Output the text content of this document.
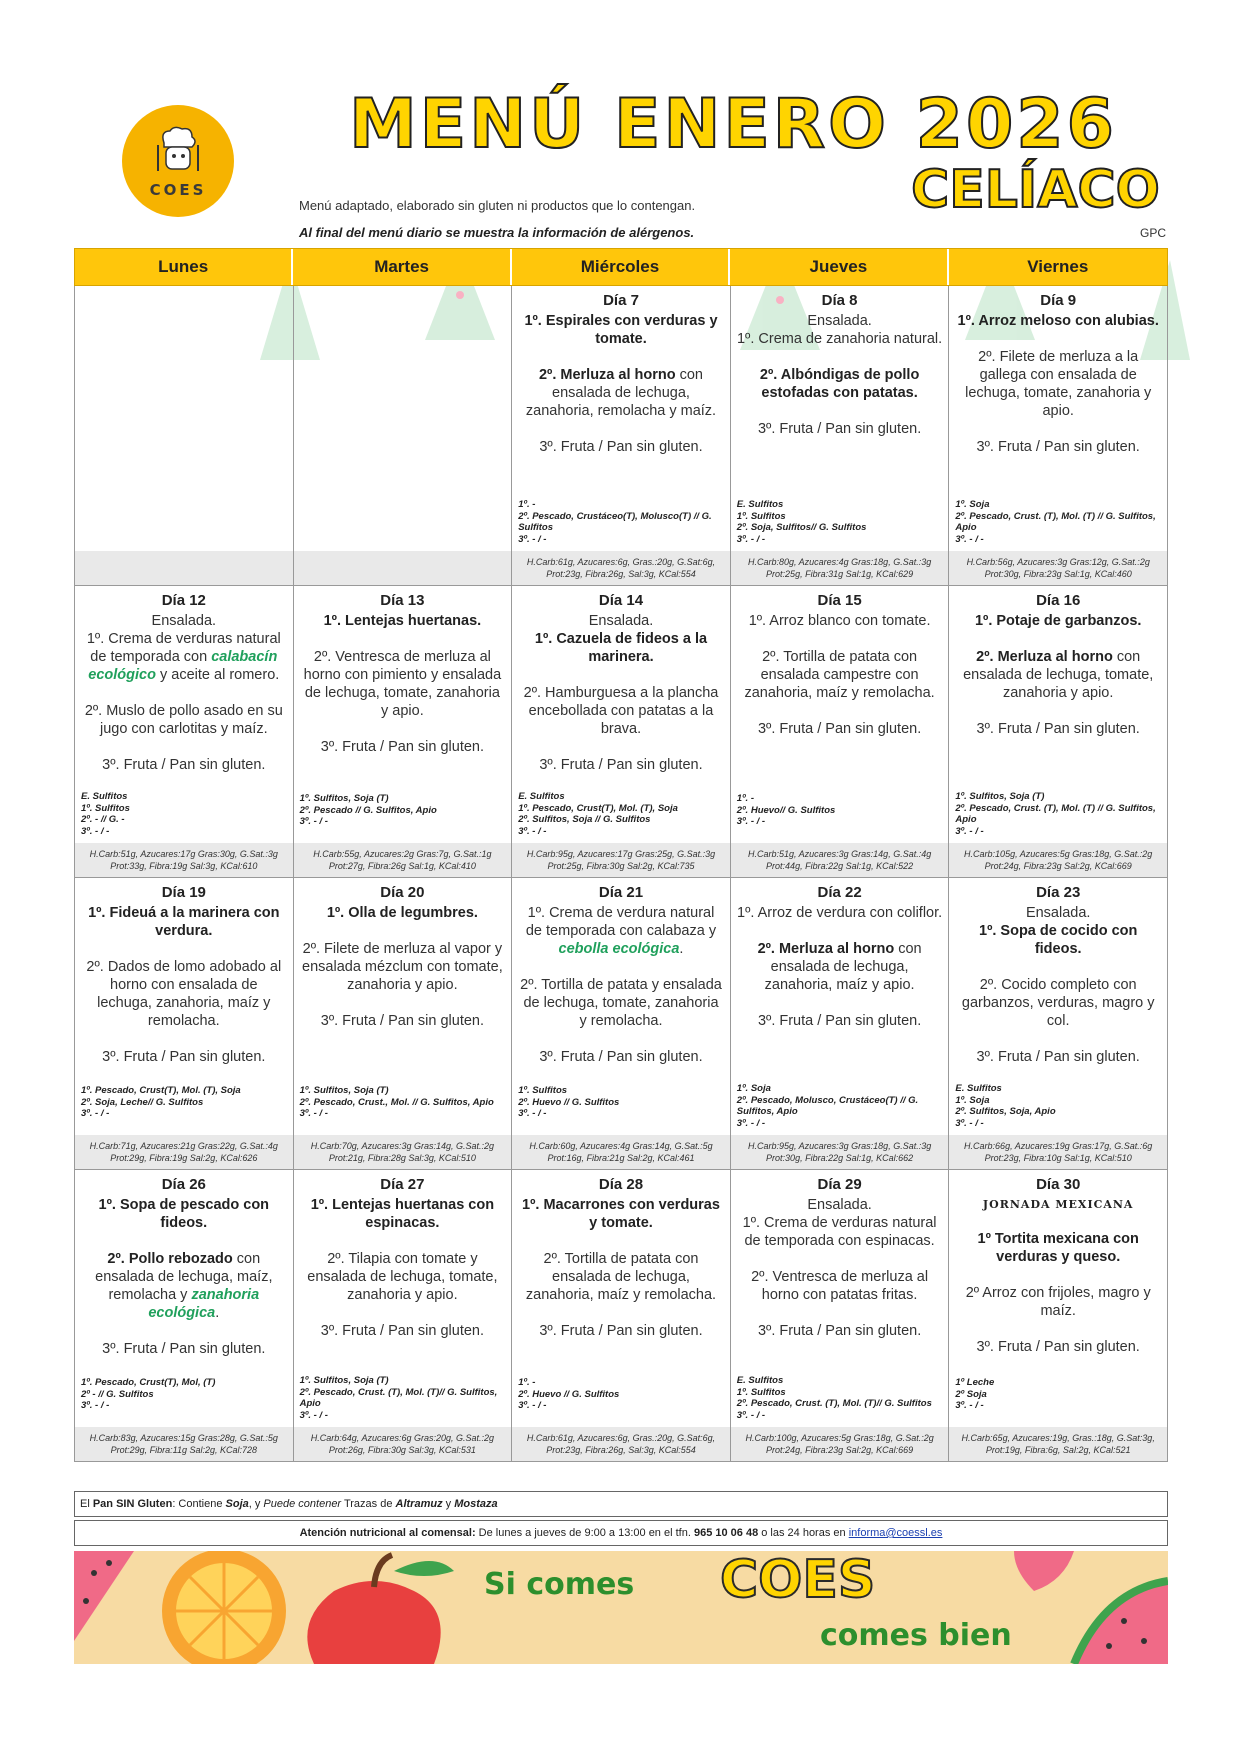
COES
MENÚ ENERO 2026
CELÍACO
Menú adaptado, elaborado sin gluten ni productos que lo contengan.
Al final del menú diario se muestra la información de alérgenos.	GPC
Lunes	Martes	Miércoles	Jueves	Viernes
Día 7
1º. Espirales con verduras y tomate.
2º. Merluza al horno con ensalada de lechuga, zanahoria, remolacha y maíz.
3º. Fruta / Pan sin gluten.
1º. -
2º. Pescado, Crustáceo(T), Molusco(T) // G. Sulfitos
3º. - / -
H.Carb:61g, Azucares:6g, Gras.:20g, G.Sat:6g,
Prot:23g, Fibra:26g, Sal:3g, KCal:554
Día 8
Ensalada.
1º. Crema de zanahoria natural.
2º. Albóndigas de pollo estofadas con patatas.
3º. Fruta / Pan sin gluten.
E. Sulfitos
1º. Sulfitos
2º. Soja, Sulfitos// G. Sulfitos
3º. - / -
H.Carb:80g, Azucares:4g Gras:18g, G.Sat.:3g
Prot:25g, Fibra:31g Sal:1g, KCal:629
Día 9
1º. Arroz meloso con alubias.
2º. Filete de merluza a la gallega con ensalada de lechuga, tomate, zanahoria y apio.
3º. Fruta / Pan sin gluten.
1º. Soja
2º. Pescado, Crust. (T), Mol. (T) // G. Sulfitos, Apio
3º. - / -
H.Carb:56g, Azucares:3g Gras:12g, G.Sat.:2g
Prot:30g, Fibra:23g Sal:1g, KCal:460
Día 12
Ensalada.
1º. Crema de verduras natural de temporada con calabacín ecológico y aceite al romero.
2º. Muslo de pollo asado en su jugo con carlotitas y maíz.
3º. Fruta / Pan sin gluten.
E. Sulfitos
1º. Sulfitos
2º. - // G. -
3º. - / -
H.Carb:51g, Azucares:17g Gras:30g, G.Sat.:3g
Prot:33g, Fibra:19g Sal:3g, KCal:610
Día 13
1º. Lentejas huertanas.
2º. Ventresca de merluza al horno con pimiento y ensalada de lechuga, tomate, zanahoria y apio.
3º. Fruta / Pan sin gluten.
1º. Sulfitos, Soja (T)
2º. Pescado // G. Sulfitos, Apio
3º. - / -
H.Carb:55g, Azucares:2g Gras:7g, G.Sat.:1g
Prot:27g, Fibra:26g Sal:1g, KCal:410
Día 14
Ensalada.
1º. Cazuela de fideos a la marinera.
2º. Hamburguesa a la plancha encebollada con patatas a la brava.
3º. Fruta / Pan sin gluten.
E. Sulfitos
1º. Pescado, Crust(T), Mol. (T), Soja
2º. Sulfitos, Soja // G. Sulfitos
3º. - / -
H.Carb:95g, Azucares:17g Gras:25g, G.Sat.:3g
Prot:25g, Fibra:30g Sal:2g, KCal:735
Día 15
1º. Arroz blanco con tomate.
2º. Tortilla de patata con ensalada campestre con zanahoria, maíz y remolacha.
3º. Fruta / Pan sin gluten.
1º. -
2º. Huevo// G. Sulfitos
3º. - / -
H.Carb:51g, Azucares:3g Gras:14g, G.Sat.:4g
Prot:44g, Fibra:22g Sal:1g, KCal:522
Día 16
1º. Potaje de garbanzos.
2º. Merluza al horno con ensalada de lechuga, tomate, zanahoria y apio.
3º. Fruta / Pan sin gluten.
1º. Sulfitos, Soja (T)
2º. Pescado, Crust. (T), Mol. (T) // G. Sulfitos, Apio
3º. - / -
H.Carb:105g, Azucares:5g Gras:18g, G.Sat.:2g
Prot:24g, Fibra:23g Sal:2g, KCal:669
Día 19
1º. Fideuá a la marinera con verdura.
2º. Dados de lomo adobado al horno con ensalada de lechuga, zanahoria, maíz y remolacha.
3º. Fruta / Pan sin gluten.
1º. Pescado, Crust(T), Mol. (T), Soja
2º. Soja, Leche// G. Sulfitos
3º. - / -
H.Carb:71g, Azucares:21g Gras:22g, G.Sat.:4g
Prot:29g, Fibra:19g Sal:2g, KCal:626
Día 20
1º. Olla de legumbres.
2º. Filete de merluza al vapor y ensalada mézclum con tomate, zanahoria y apio.
3º. Fruta / Pan sin gluten.
1º. Sulfitos, Soja (T)
2º. Pescado, Crust., Mol. // G. Sulfitos, Apio
3º. - / -
H.Carb:70g, Azucares:3g Gras:14g, G.Sat.:2g
Prot:21g, Fibra:28g Sal:3g, KCal:510
Día 21
1º. Crema de verdura natural de temporada con calabaza y cebolla ecológica.
2º. Tortilla de patata y ensalada de lechuga, tomate, zanahoria y remolacha.
3º. Fruta / Pan sin gluten.
1º. Sulfitos
2º. Huevo // G. Sulfitos
3º. - / -
H.Carb:60g, Azucares:4g Gras:14g, G.Sat.:5g
Prot:16g, Fibra:21g Sal:2g, KCal:461
Día 22
1º. Arroz de verdura con coliflor.
2º. Merluza al horno con ensalada de lechuga, zanahoria, maíz y apio.
3º. Fruta / Pan sin gluten.
1º. Soja
2º. Pescado, Molusco, Crustáceo(T) // G. Sulfitos, Apio
3º. - / -
H.Carb:95g, Azucares:3g Gras:18g, G.Sat.:3g
Prot:30g, Fibra:22g Sal:1g, KCal:662
Día 23
Ensalada.
1º. Sopa de cocido con fideos.
2º. Cocido completo con garbanzos, verduras, magro y col.
3º. Fruta / Pan sin gluten.
E. Sulfitos
1º. Soja
2º. Sulfitos, Soja, Apio
3º. - / -
H.Carb:66g, Azucares:19g Gras:17g, G.Sat.:6g
Prot:23g, Fibra:10g Sal:1g, KCal:510
Día 26
1º. Sopa de pescado con fideos.
2º. Pollo rebozado con ensalada de lechuga, maíz, remolacha y zanahoria ecológica.
3º. Fruta / Pan sin gluten.
1º. Pescado, Crust(T), Mol, (T)
2º - // G. Sulfitos
3º. - / -
H.Carb:83g, Azucares:15g Gras:28g, G.Sat.:5g
Prot:29g, Fibra:11g Sal:2g, KCal:728
Día 27
1º. Lentejas huertanas con espinacas.
2º. Tilapia con tomate y ensalada de lechuga, tomate, zanahoria y apio.
3º. Fruta / Pan sin gluten.
1º. Sulfitos, Soja (T)
2º. Pescado, Crust. (T), Mol. (T)// G. Sulfitos, Apio
3º. - / -
H.Carb:64g, Azucares:6g Gras:20g, G.Sat.:2g
Prot:26g, Fibra:30g Sal:3g, KCal:531
Día 28
1º. Macarrones con verduras y tomate.
2º. Tortilla de patata con ensalada de lechuga, zanahoria, maíz y remolacha.
3º. Fruta / Pan sin gluten.
1º. -
2º. Huevo // G. Sulfitos
3º. - / -
H.Carb:61g, Azucares:6g, Gras.:20g, G.Sat:6g,
Prot:23g, Fibra:26g, Sal:3g, KCal:554
Día 29
Ensalada.
1º. Crema de verduras natural de temporada con espinacas.
2º. Ventresca de merluza al horno con patatas fritas.
3º. Fruta / Pan sin gluten.
E. Sulfitos
1º. Sulfitos
2º. Pescado, Crust. (T), Mol. (T)// G. Sulfitos
3º. - / -
H.Carb:100g, Azucares:5g Gras:18g, G.Sat.:2g
Prot:24g, Fibra:23g Sal:2g, KCal:669
Día 30
JORNADA MEXICANA
1º Tortita mexicana con verduras y queso.
2º Arroz con frijoles, magro y maíz.
3º. Fruta / Pan sin gluten.
1º Leche
2º Soja
3º. - / -
H.Carb:65g, Azucares:19g, Gras.:18g, G.Sat:3g,
Prot:19g, Fibra:6g, Sal:2g, KCal:521
El Pan SIN Gluten: Contiene Soja, y Puede contener Trazas de Altramuz y Mostaza
Atención nutricional al comensal: De lunes a jueves de 9:00 a 13:00 en el tfn. 965 10 06 48 o las 24 horas en informa@coessl.es
Si comes COES
comes bien
